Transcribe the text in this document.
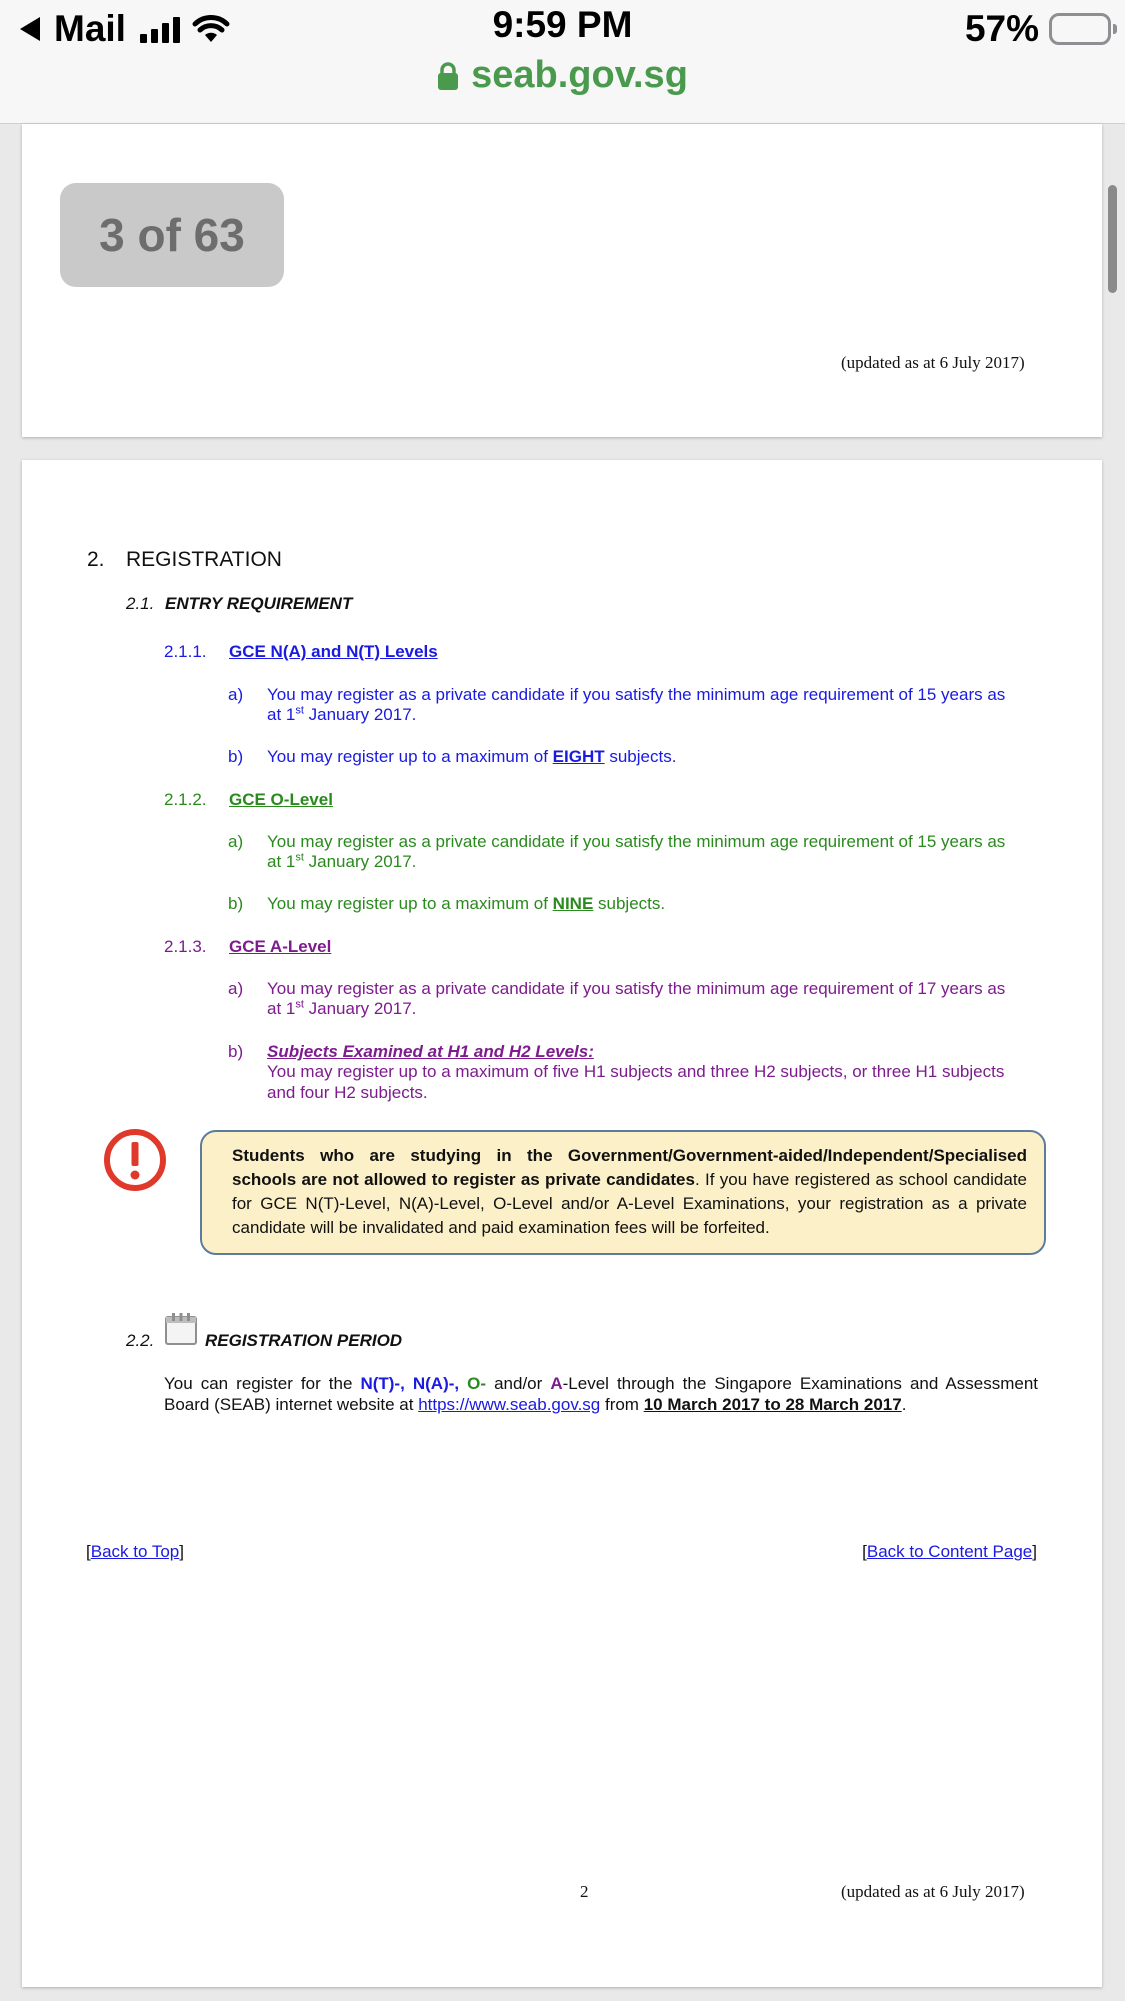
Mail	9:59 PM	57%
seab.gov.sg
(updated as at 6 July 2017)
3 of 63
2. REGISTRATION
2.1. ENTRY REQUIREMENT
2.1.1. GCE N(A) and N(T) Levels
a) You may register as a private candidate if you satisfy the minimum age requirement of 15 years as
at 1st January 2017.
b) You may register up to a maximum of EIGHT subjects.
2.1.2. GCE O-Level
a) You may register as a private candidate if you satisfy the minimum age requirement of 15 years as
at 1st January 2017.
b) You may register up to a maximum of NINE subjects.
2.1.3. GCE A-Level
a) You may register as a private candidate if you satisfy the minimum age requirement of 17 years as
at 1st January 2017.
b) Subjects Examined at H1 and H2 Levels:
You may register up to a maximum of five H1 subjects and three H2 subjects, or three H1 subjects
and four H2 subjects.
Students who are studying in the Government/Government-aided/Independent/Specialised schools are not allowed to register as private candidates. If you have registered as school candidate for GCE N(T)-Level, N(A)-Level, O-Level and/or A-Level Examinations, your registration as a private candidate will be invalidated and paid examination fees will be forfeited.
2.2.	REGISTRATION PERIOD
You can register for the N(T)-, N(A)-, O- and/or A-Level through the Singapore Examinations and Assessment Board (SEAB) internet website at https://www.seab.gov.sg from 10 March 2017 to 28 March 2017.
[Back to Top]	[Back to Content Page]
2	(updated as at 6 July 2017)
